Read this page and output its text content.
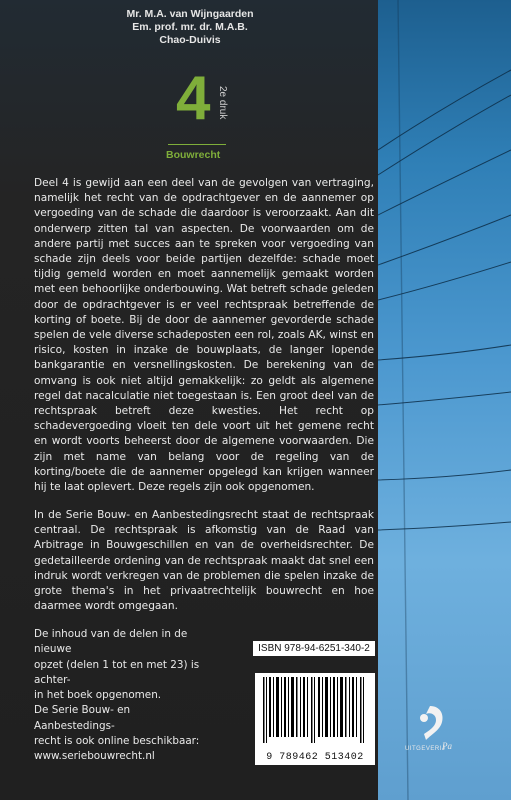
Mr. M.A. van Wijngaarden
Em. prof. mr. dr. M.A.B.
Chao-Duivis
4 2e druk
Bouwrecht

Deel 4 is gewijd aan een deel van de gevolgen van vertraging, namelijk het recht van de opdrachtgever en de aannemer op vergoeding van de schade die daardoor is veroorzaakt. Aan dit onderwerp zitten tal van aspecten. De voorwaarden om de andere partij met succes aan te spreken voor vergoeding van schade zijn deels voor beide partijen dezelfde: schade moet tijdig gemeld worden en moet aannemelijk gemaakt worden met een behoorlijke onderbouwing. Wat betreft schade geleden door de opdrachtgever is er veel rechtspraak betreffende de korting of boete. Bij de door de aannemer gevorderde schade spelen de vele diverse schadeposten een rol, zoals AK, winst en risico, kosten in inzake de bouwplaats, de langer lopende bankgarantie en versnellingskosten. De berekening van de omvang is ook niet altijd gemakkelijk: zo geldt als algemene regel dat nacalculatie niet toegestaan is. Een groot deel van de rechtspraak betreft deze kwesties. Het recht op schadevergoeding vloeit ten dele voort uit het gemene recht en wordt voorts beheerst door de algemene voorwaarden. Die zijn met name van belang voor de regeling van de korting/boete die de aannemer opgelegd kan krijgen wanneer hij te laat oplevert. Deze regels zijn ook opgenomen.

In de Serie Bouw- en Aanbestedingsrecht staat de rechtspraak centraal. De rechtspraak is afkomstig van de Raad van Arbitrage in Bouwgeschillen en van de overheidsrechter. De gedetailleerde ordening van de rechtspraak maakt dat snel een indruk wordt verkregen van de problemen die spelen inzake de grote thema's in het privaatrechtelijk bouwrecht en hoe daarmee wordt omgegaan.

De inhoud van de delen in de nieuwe
opzet (delen 1 tot en met 23) is achter-
in het boek opgenomen.
De Serie Bouw- en Aanbestedings-
recht is ook online beschikbaar:
www.seriebouwrecht.nl
ISBN 978-94-6251-340-2
9 789462 513402
UITGEVERIJ
Pa
